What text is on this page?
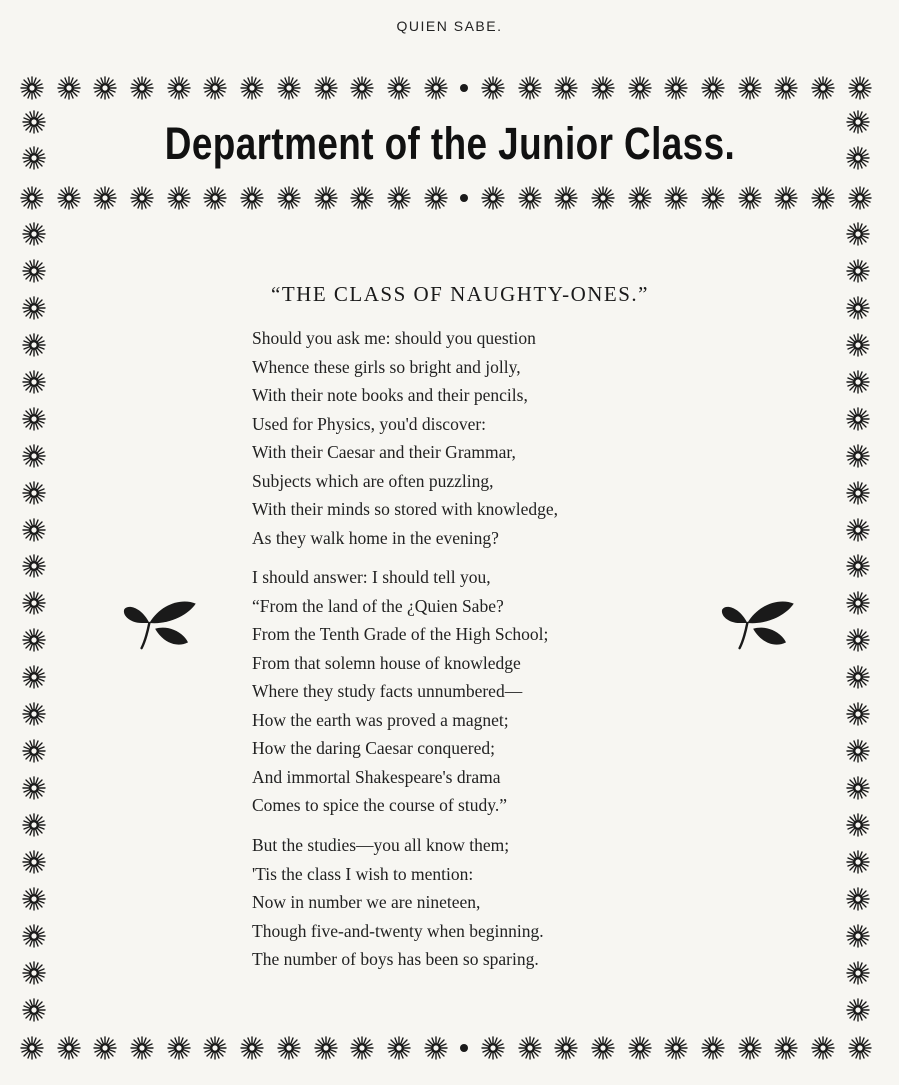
QUIEN SABE.
Department of the Junior Class.
“THE CLASS OF NAUGHTY-ONES.”
Should you ask me: should you question
Whence these girls so bright and jolly,
With their note books and their pencils,
Used for Physics, you'd discover:
With their Caesar and their Grammar,
Subjects which are often puzzling,
With their minds so stored with knowledge,
As they walk home in the evening?
I should answer: I should tell you,
“From the land of the ¿Quien Sabe?
From the Tenth Grade of the High School;
From that solemn house of knowledge
Where they study facts unnumbered—
How the earth was proved a magnet;
How the daring Caesar conquered;
And immortal Shakespeare's drama
Comes to spice the course of study.”
But the studies—you all know them;
'Tis the class I wish to mention:
Now in number we are nineteen,
Though five-and-twenty when beginning.
The number of boys has been so sparing.
